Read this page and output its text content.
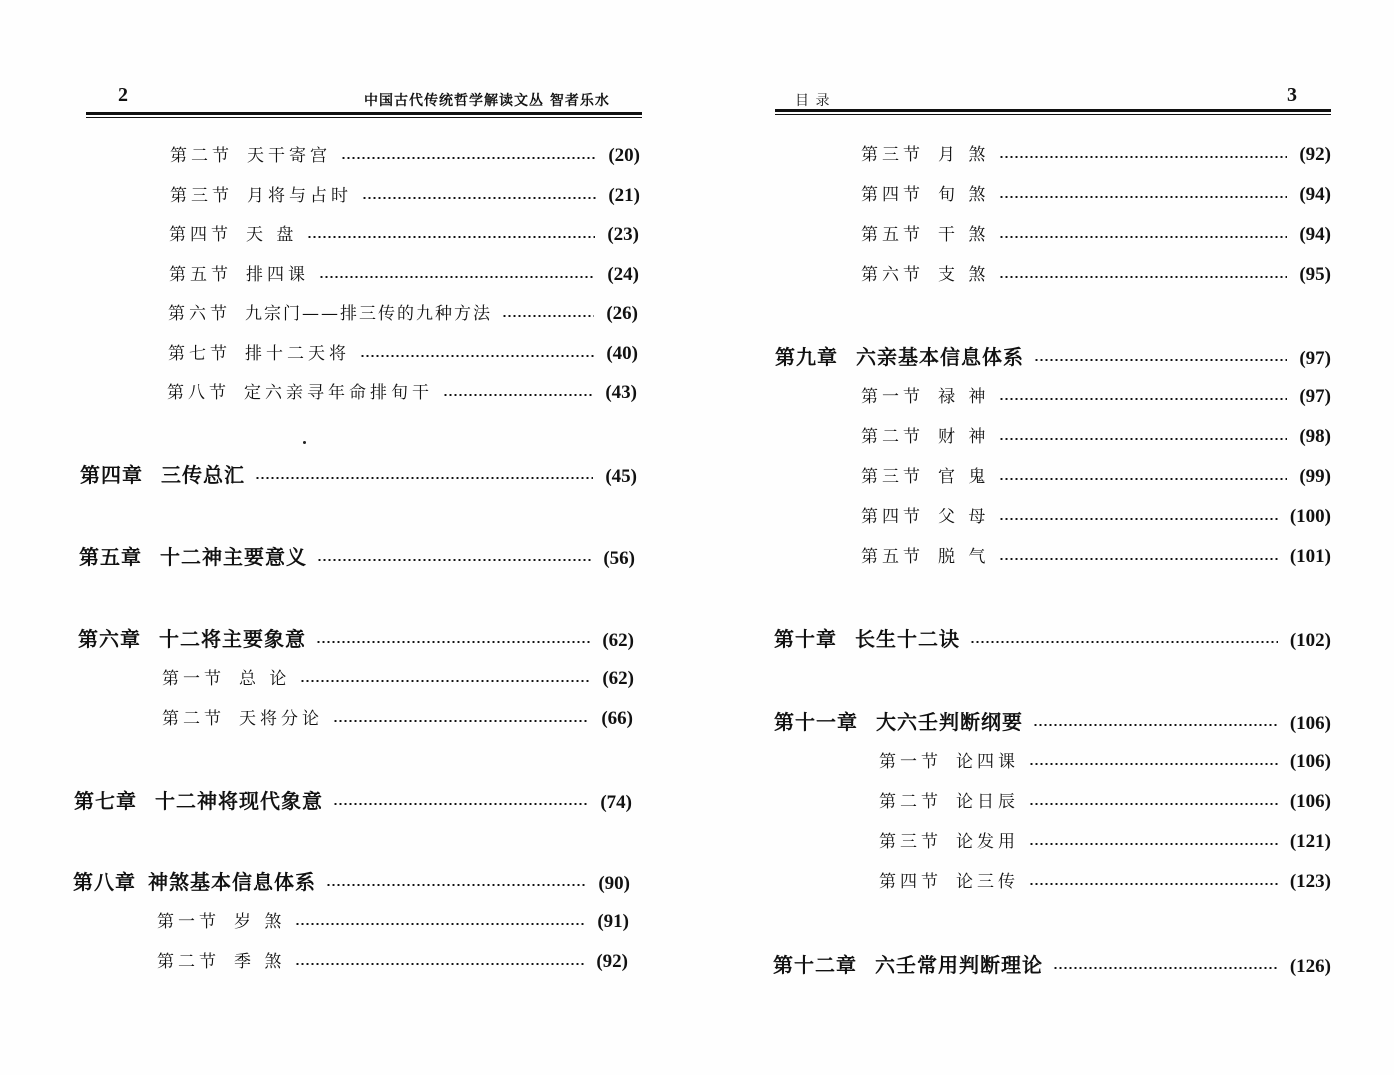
2	中国古代传统哲学解读文丛 智者乐水
第二节 天干寄宫	(20)
第三节 月将与占时	(21)
第四节 天 盘	(23)
第五节 排四课	(24)
第六节 九宗门——排三传的九种方法	(26)
第七节 排十二天将	(40)
第八节 定六亲寻年命排旬干	(43)
第四章 三传总汇	(45)
第五章 十二神主要意义	(56)
第六章 十二将主要象意	(62)
第一节 总 论	(62)
第二节 天将分论	(66)
第七章 十二神将现代象意	(74)
第八章 神煞基本信息体系	(90)
第一节 岁 煞	(91)
第二节 季 煞	(92)
目 录	3
第三节 月 煞	(92)
第四节 旬 煞	(94)
第五节 干 煞	(94)
第六节 支 煞	(95)
第九章 六亲基本信息体系	(97)
第一节 禄 神	(97)
第二节 财 神	(98)
第三节 官 鬼	(99)
第四节 父 母	(100)
第五节 脱 气	(101)
第十章 长生十二诀	(102)
第十一章 大六壬判断纲要	(106)
第一节 论四课	(106)
第二节 论日辰	(106)
第三节 论发用	(121)
第四节 论三传	(123)
第十二章 六壬常用判断理论	(126)
